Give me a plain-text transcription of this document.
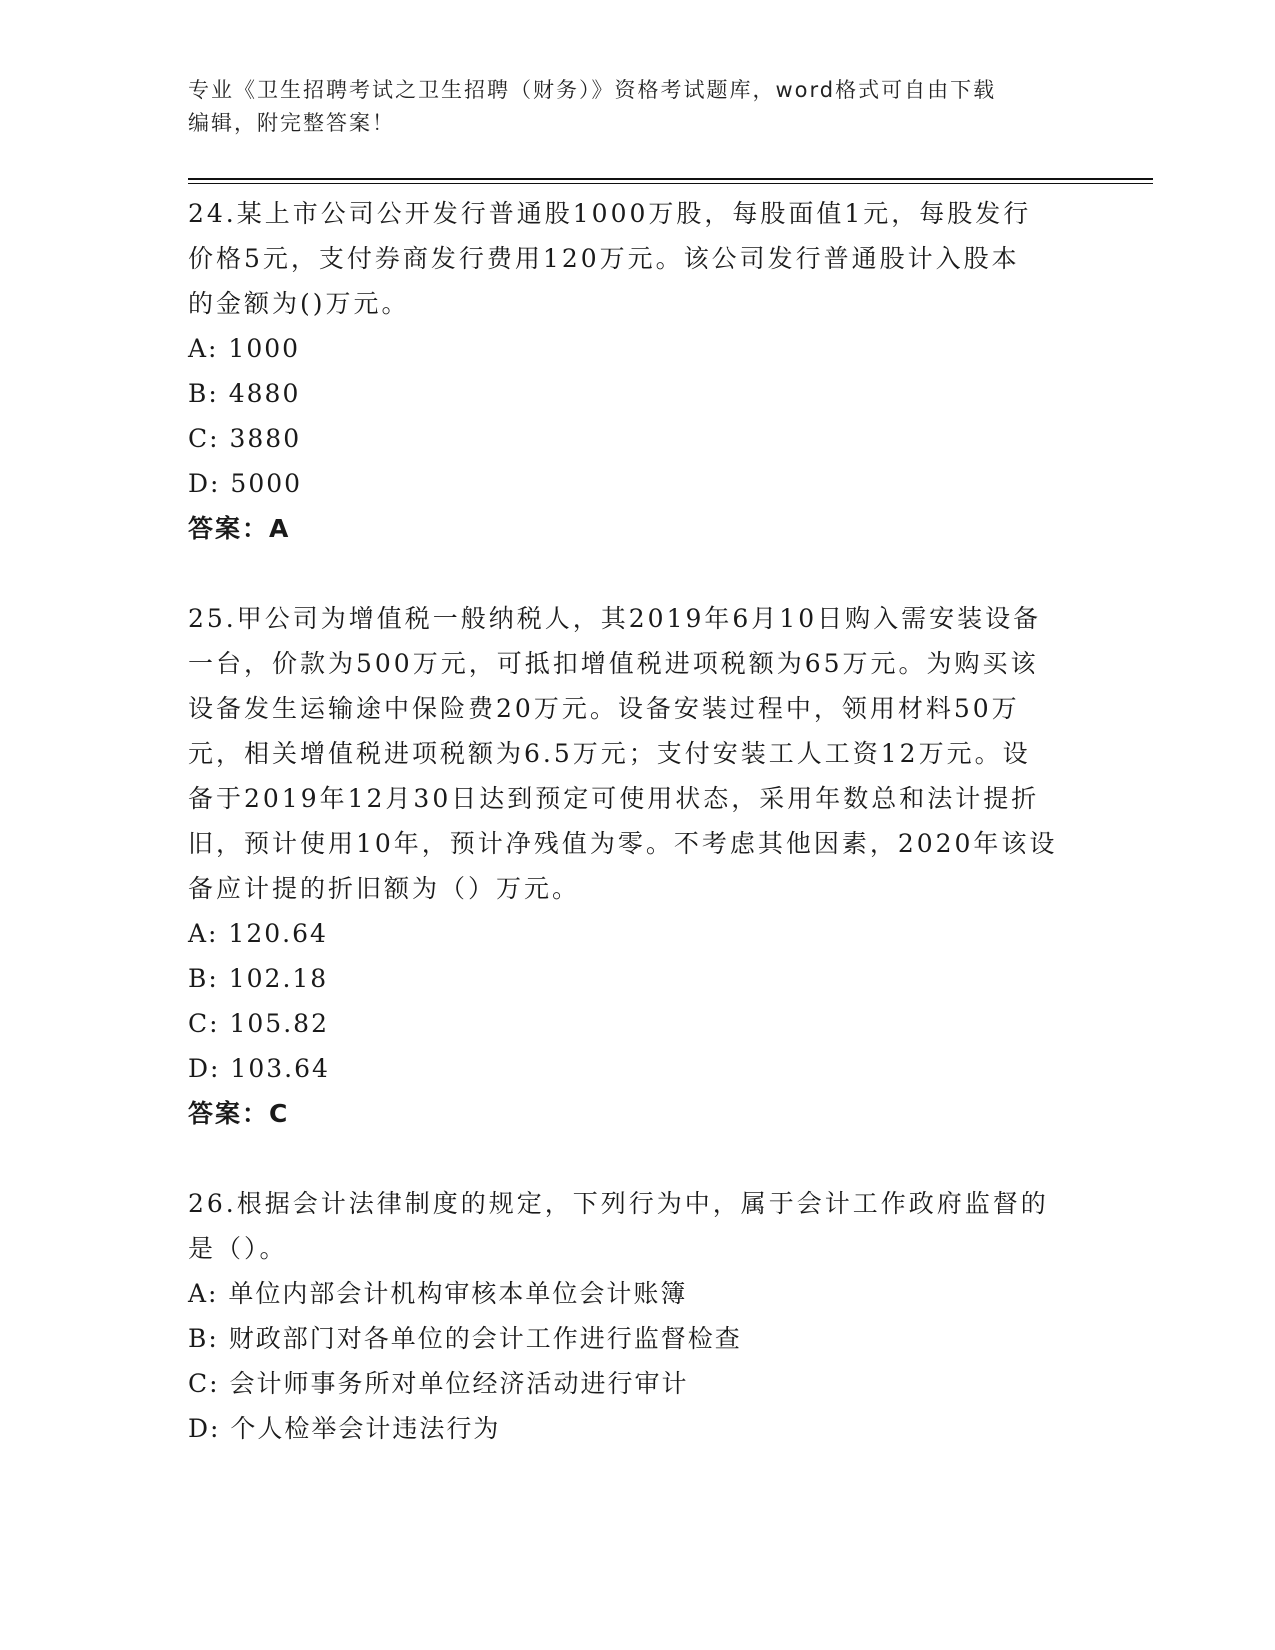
专业《卫生招聘考试之卫生招聘（财务）》资格考试题库，word格式可自由下载
编辑，附完整答案！

24.某上市公司公开发行普通股1000万股，每股面值1元，每股发行

价格5元，支付券商发行费用120万元。该公司发行普通股计入股本

的金额为()万元。

A: 1000

B: 4880

C: 3880

D: 5000

答案：A

25.甲公司为增值税一般纳税人，其2019年6月10日购入需安装设备

一台，价款为500万元，可抵扣增值税进项税额为65万元。为购买该

设备发生运输途中保险费20万元。设备安装过程中，领用材料50万

元，相关增值税进项税额为6.5万元；支付安装工人工资12万元。设

备于2019年12月30日达到预定可使用状态，采用年数总和法计提折

旧，预计使用10年，预计净残值为零。不考虑其他因素，2020年该设

备应计提的折旧额为（）万元。

A: 120.64

B: 102.18

C: 105.82

D: 103.64

答案：C

26.根据会计法律制度的规定，下列行为中，属于会计工作政府监督的

是（）。

A: 单位内部会计机构审核本单位会计账簿

B: 财政部门对各单位的会计工作进行监督检查

C: 会计师事务所对单位经济活动进行审计

D: 个人检举会计违法行为
